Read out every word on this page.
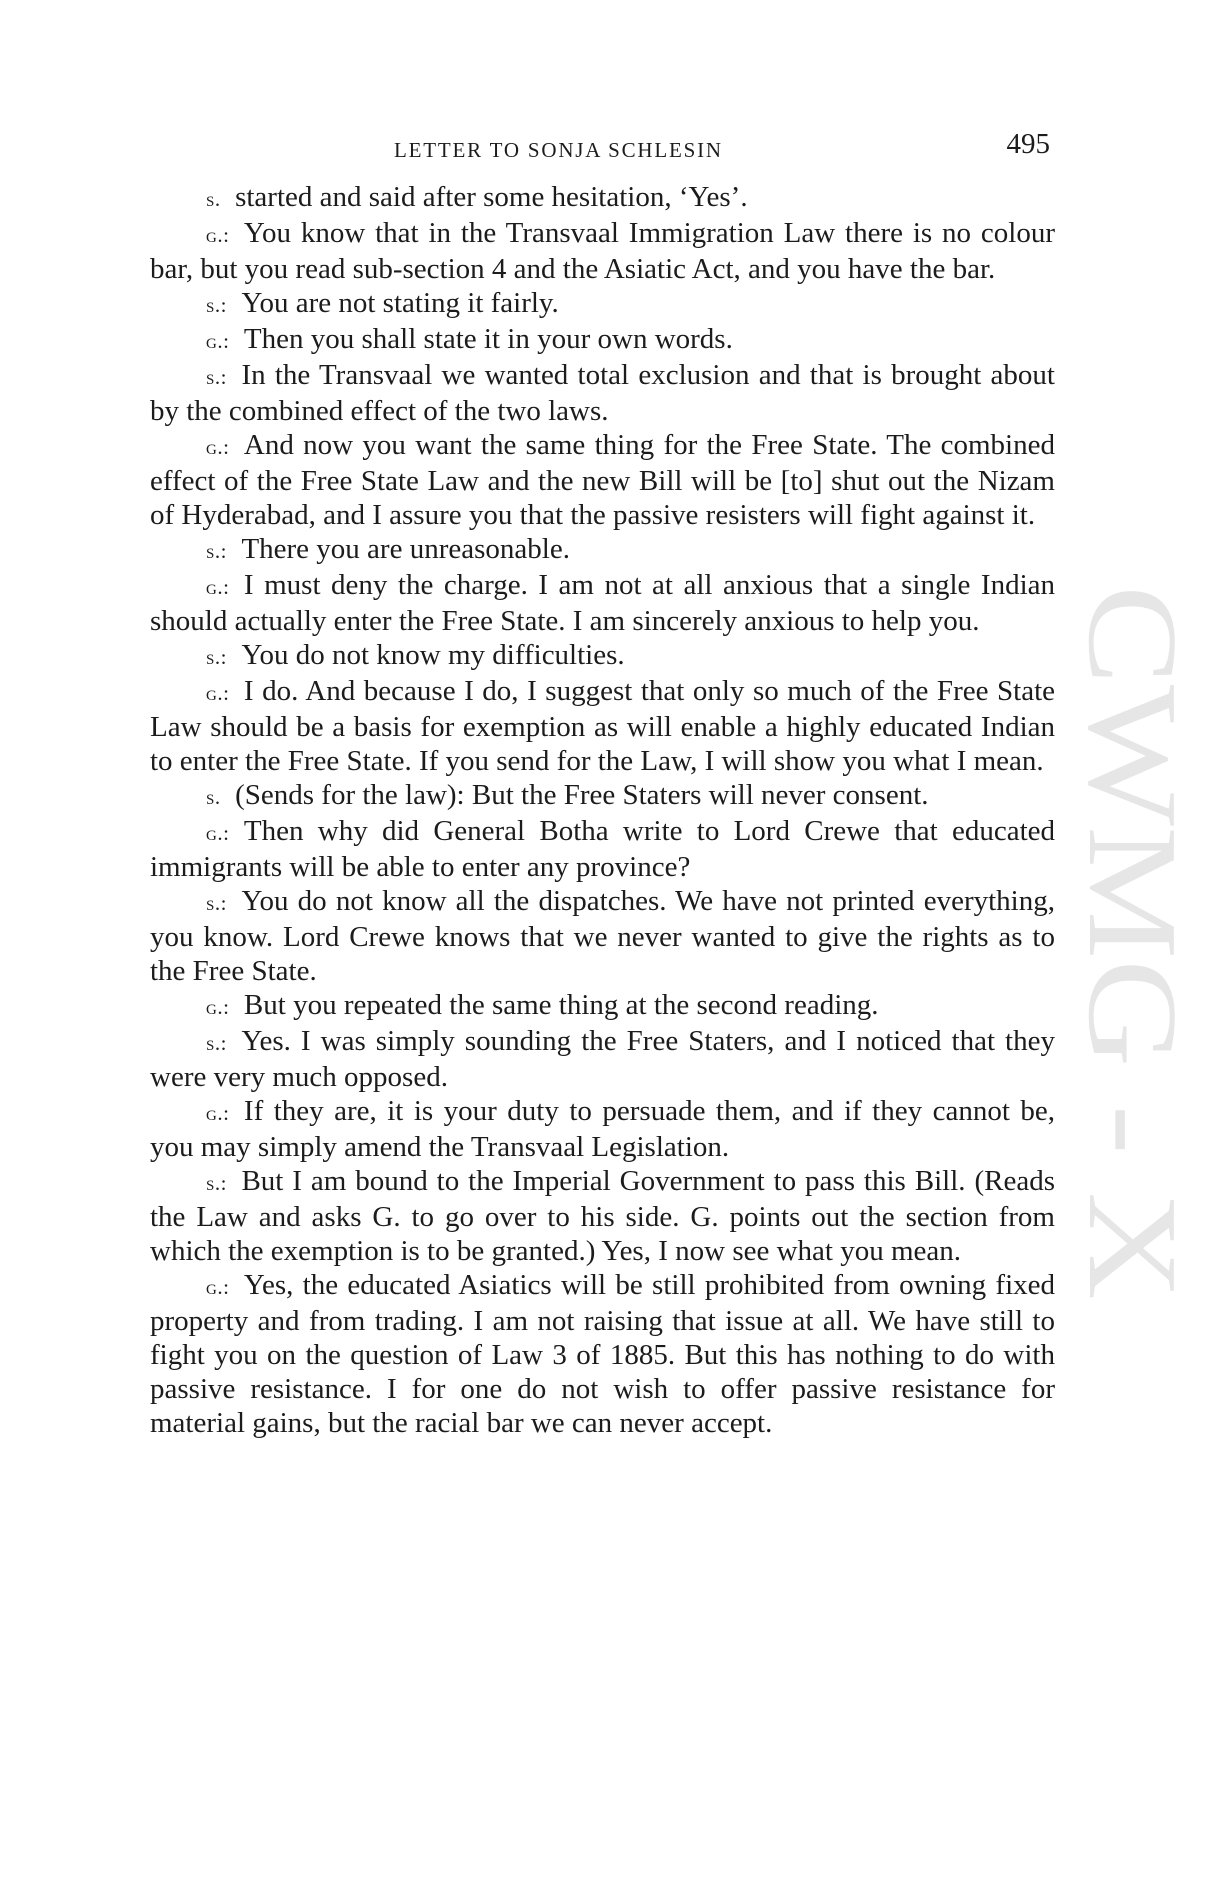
LETTER TO SONJA SCHLESIN	495

s.  started and said after some hesitation, ‘Yes’.

g.:  You know that in the Transvaal Immigration Law there is no colour bar, but you read sub-section 4 and the Asiatic Act, and you have the bar.

s.:  You are not stating it fairly.

g.:  Then you shall state it in your own words.

s.:  In the Transvaal we wanted total exclusion and that is brought about by the combined effect of the two laws.

g.:  And now you want the same thing for the Free State. The combined effect of the Free State Law and the new Bill will be [to] shut out the Nizam of Hyderabad, and I assure you that the passive resisters will fight against it.

s.:  There you are unreasonable.

g.:  I must deny the charge. I am not at all anxious that a single Indian should actually enter the Free State. I am sincerely anxious to help you.

s.:  You do not know my difficulties.

g.:  I do. And because I do, I suggest that only so much of the Free State Law should be a basis for exemption as will enable a highly educated Indian to enter the Free State. If you send for the Law, I will show you what I mean.

s.  (Sends for the law): But the Free Staters will never consent.

g.:  Then why did General Botha write to Lord Crewe that educated immigrants will be able to enter any province?

s.:  You do not know all the dispatches. We have not printed everything, you know. Lord Crewe knows that we never wanted to give the rights as to the Free State.

g.:  But you repeated the same thing at the second reading.

s.:  Yes. I was simply sounding the Free Staters, and I noticed that they were very much opposed.

g.:  If they are, it is your duty to persuade them, and if they cannot be, you may simply amend the Transvaal Legislation.

s.:  But I am bound to the Imperial Government to pass this Bill. (Reads the Law and asks G. to go over to his side. G. points out the section from which the exemption is to be granted.) Yes, I now see what you mean.

g.:  Yes, the educated Asiatics will be still prohibited from owning fixed property and from trading. I am not raising that issue at all. We have still to fight you on the question of Law 3 of 1885. But this has nothing to do with passive resistance. I for one do not wish to offer passive resistance for material gains, but the racial bar we can never accept.

CWMG - X
